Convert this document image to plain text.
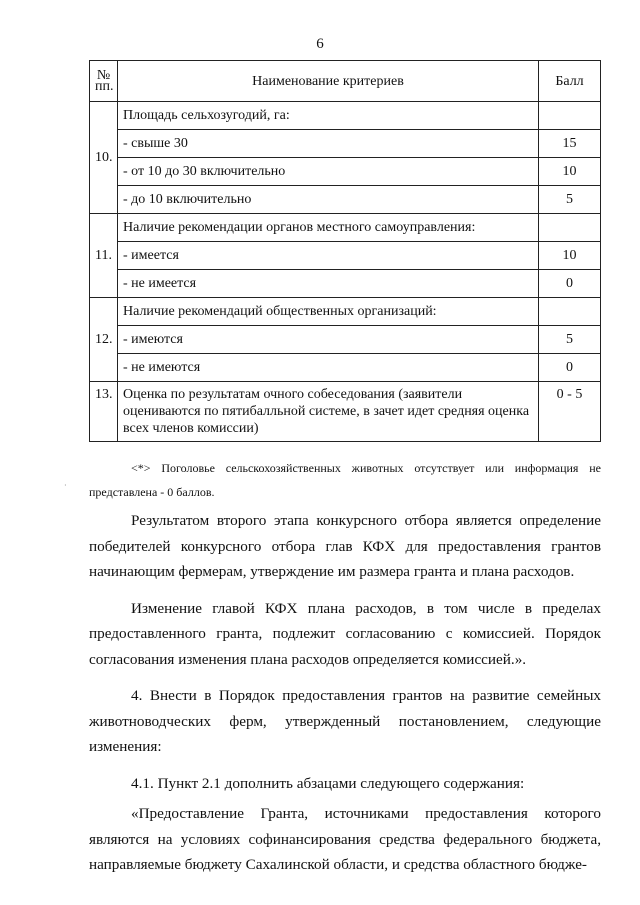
6
№ пп.	Наименование критериев	Балл
10.	Площадь сельхозугодий, га:	
	- свыше 30	15
	- от 10 до 30 включительно	10
	- до 10 включительно	5
11.	Наличие рекомендации органов местного самоуправления:	
	- имеется	10
	- не имеется	0
12.	Наличие рекомендаций общественных организаций:	
	- имеются	5
	- не имеются	0
13.	Оценка по результатам очного собеседования (заявители оцениваются по пятибалльной системе, в зачет идет средняя оценка всех членов комиссии)	0 - 5
·
<*> Поголовье сельскохозяйственных животных отсутствует или информация не представлена - 0 баллов.

Результатом второго этапа конкурсного отбора является определение победителей конкурсного отбора глав КФХ для предоставления грантов начинающим фермерам, утверждение им размера гранта и плана расходов.

Изменение главой КФХ плана расходов, в том числе в пределах предоставленного гранта, подлежит согласованию с комиссией. Порядок согласования изменения плана расходов определяется комиссией.».

4. Внести в Порядок предоставления грантов на развитие семейных животноводческих ферм, утвержденный постановлением, следующие изменения:

4.1. Пункт 2.1 дополнить абзацами следующего содержания:

«Предоставление Гранта, источниками предоставления которого являются на условиях софинансирования средства федерального бюджета, направляемые бюджету Сахалинской области, и средства областного бюдже-
